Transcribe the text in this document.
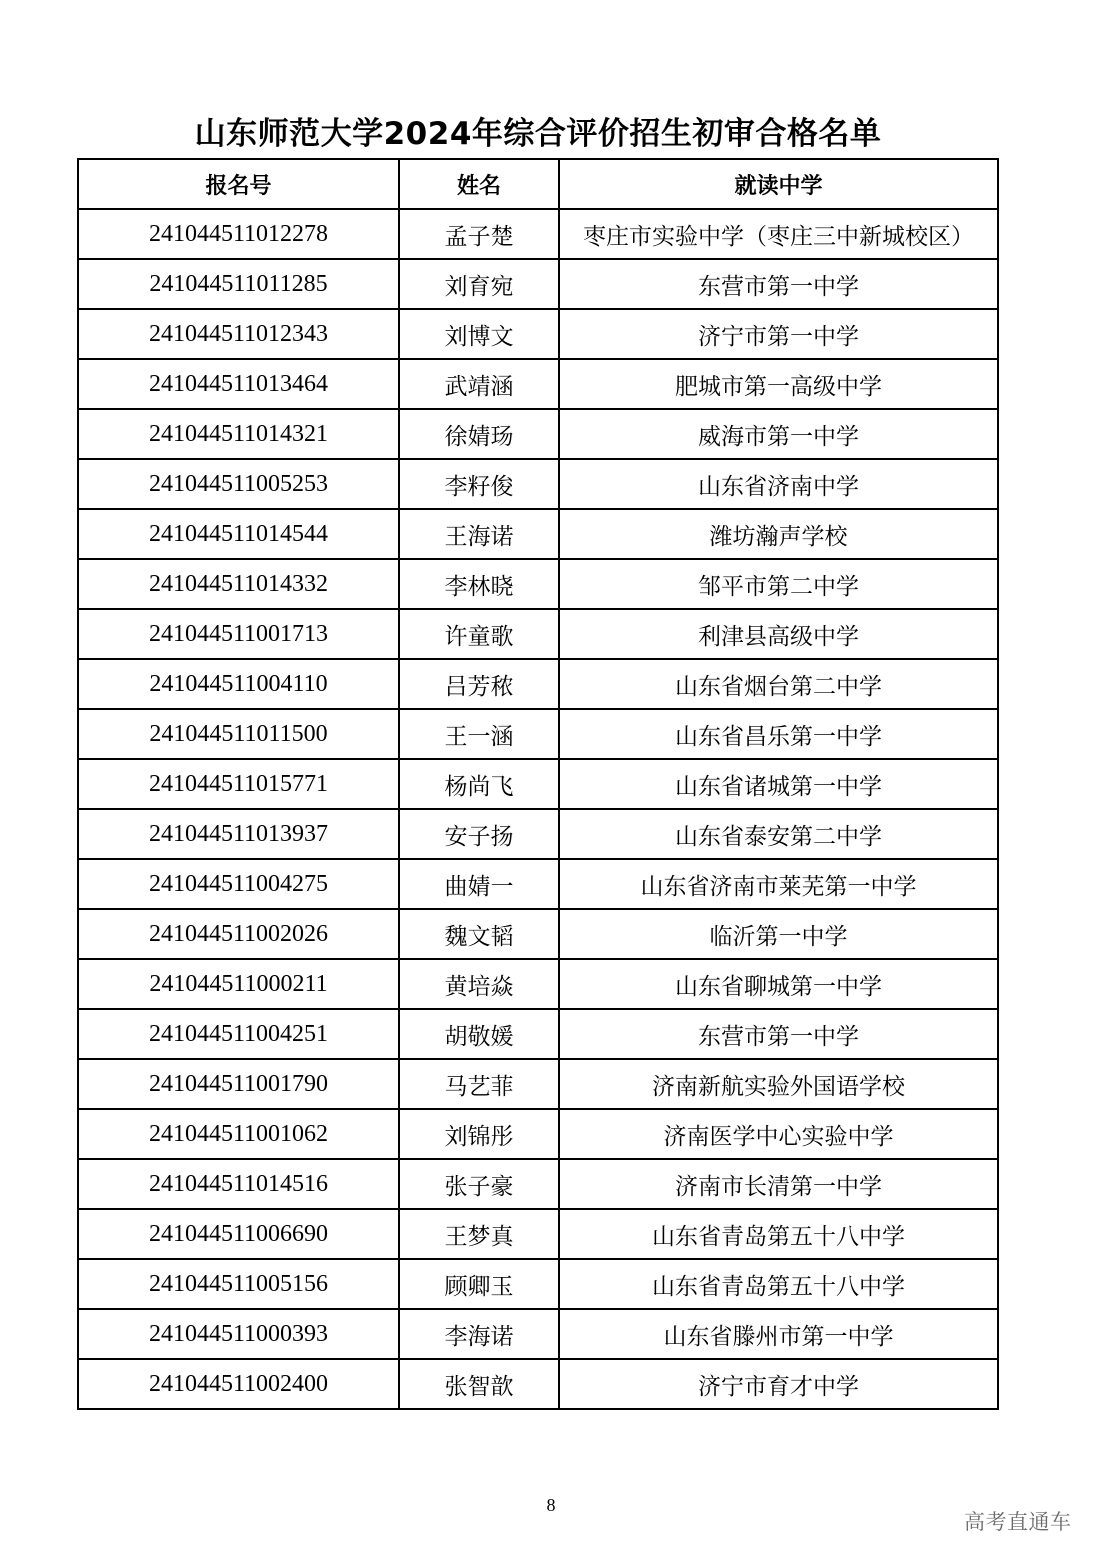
山东师范大学2024年综合评价招生初审合格名单
报名号	姓名	就读中学
241044511012278	孟子楚	枣庄市实验中学（枣庄三中新城校区）
241044511011285	刘育宛	东营市第一中学
241044511012343	刘博文	济宁市第一中学
241044511013464	武靖涵	肥城市第一高级中学
241044511014321	徐婧玚	威海市第一中学
241044511005253	李籽俊	山东省济南中学
241044511014544	王海诺	潍坊瀚声学校
241044511014332	李林晓	邹平市第二中学
241044511001713	许童歌	利津县高级中学
241044511004110	吕芳秾	山东省烟台第二中学
241044511011500	王一涵	山东省昌乐第一中学
241044511015771	杨尚飞	山东省诸城第一中学
241044511013937	安子扬	山东省泰安第二中学
241044511004275	曲婧一	山东省济南市莱芜第一中学
241044511002026	魏文韬	临沂第一中学
241044511000211	黄培焱	山东省聊城第一中学
241044511004251	胡敬媛	东营市第一中学
241044511001790	马艺菲	济南新航实验外国语学校
241044511001062	刘锦彤	济南医学中心实验中学
241044511014516	张子豪	济南市长清第一中学
241044511006690	王梦真	山东省青岛第五十八中学
241044511005156	顾卿玉	山东省青岛第五十八中学
241044511000393	李海诺	山东省滕州市第一中学
241044511002400	张智歆	济宁市育才中学
8
高考直通车
